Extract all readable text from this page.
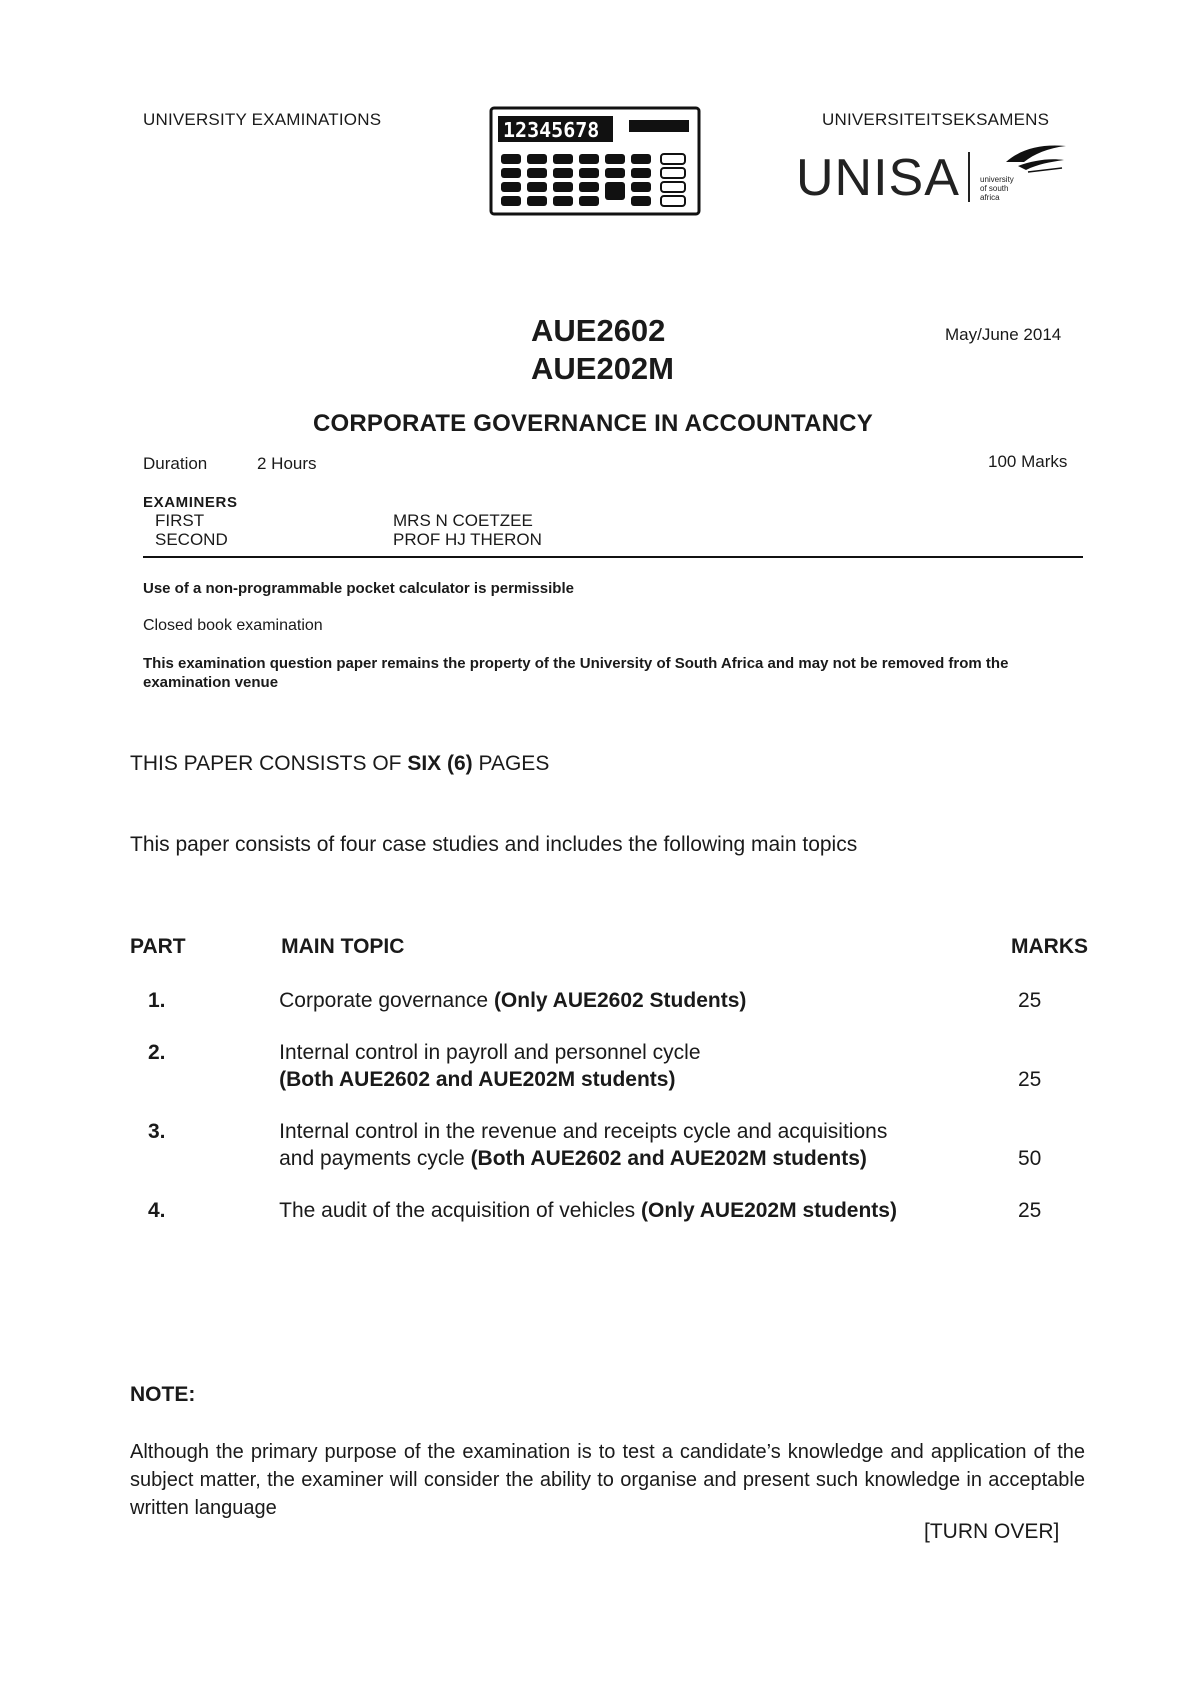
UNIVERSITY EXAMINATIONS	UNIVERSITEITSEKSAMENS
12345678
UNISA	university
of south africa
AUE2602
AUE202M
May/June 2014
CORPORATE GOVERNANCE IN ACCOUNTANCY
Duration	2 Hours	100 Marks
EXAMINERS
FIRST	MRS N COETZEE
SECOND	PROF HJ THERON
Use of a non-programmable pocket calculator is permissible
Closed book examination
This examination question paper remains the property of the University of South Africa and may not be removed from the examination venue
THIS PAPER CONSISTS OF SIX (6) PAGES
This paper consists of four case studies and includes the following main topics
PART	MAIN TOPIC	MARKS
1.	Corporate governance (Only AUE2602 Students)	25
2.	Internal control in payroll and personnel cycle
(Both AUE2602 and AUE202M students)	25
3.	Internal control in the revenue and receipts cycle and acquisitions
and payments cycle (Both AUE2602 and AUE202M students)	50
4.	The audit of the acquisition of vehicles (Only AUE202M students)	25
NOTE:
Although the primary purpose of the examination is to test a candidate’s knowledge and application of the subject matter, the examiner will consider the ability to organise and present such knowledge in acceptable written language
[TURN OVER]
